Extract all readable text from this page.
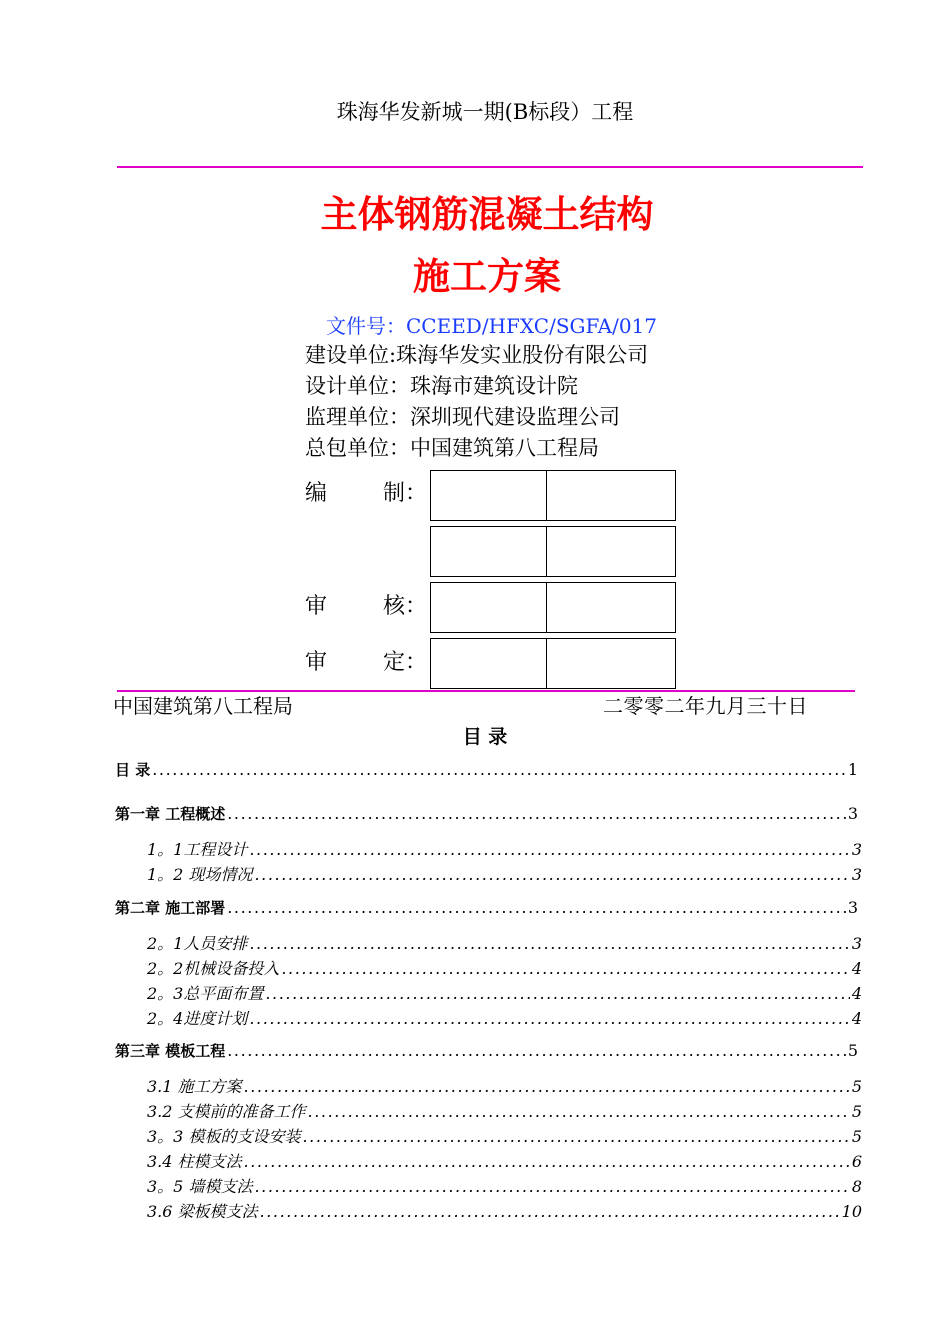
珠海华发新城一期(B标段）工程
主体钢筋混凝土结构
施工方案
文件号：CCEED/HFXC/SGFA/017
建设单位:珠海华发实业股份有限公司
设计单位：珠海市建筑设计院
监理单位：深圳现代建设监理公司
总包单位：中国建筑第八工程局
编	制：
审	核：
审	定：
中国建筑第八工程局	二零零二年九月三十日
目 录
目 录 .....	1
第一章 工程概述 .....	3
1。1工程设计 .....	3
1。2 现场情况 .....	3
第二章 施工部署 .....	3
2。1人员安排 .....	3
2。2机械设备投入 .....	4
2。3总平面布置 .....	4
2。4进度计划 .....	4
第三章 模板工程 .....	5
3.1 施工方案 .....	5
3.2 支模前的准备工作 .....	5
3。3 模板的支设安装 .....	5
3.4 柱模支法 .....	6
3。5 墙模支法 .....	8
3.6 梁板模支法 .....	10
